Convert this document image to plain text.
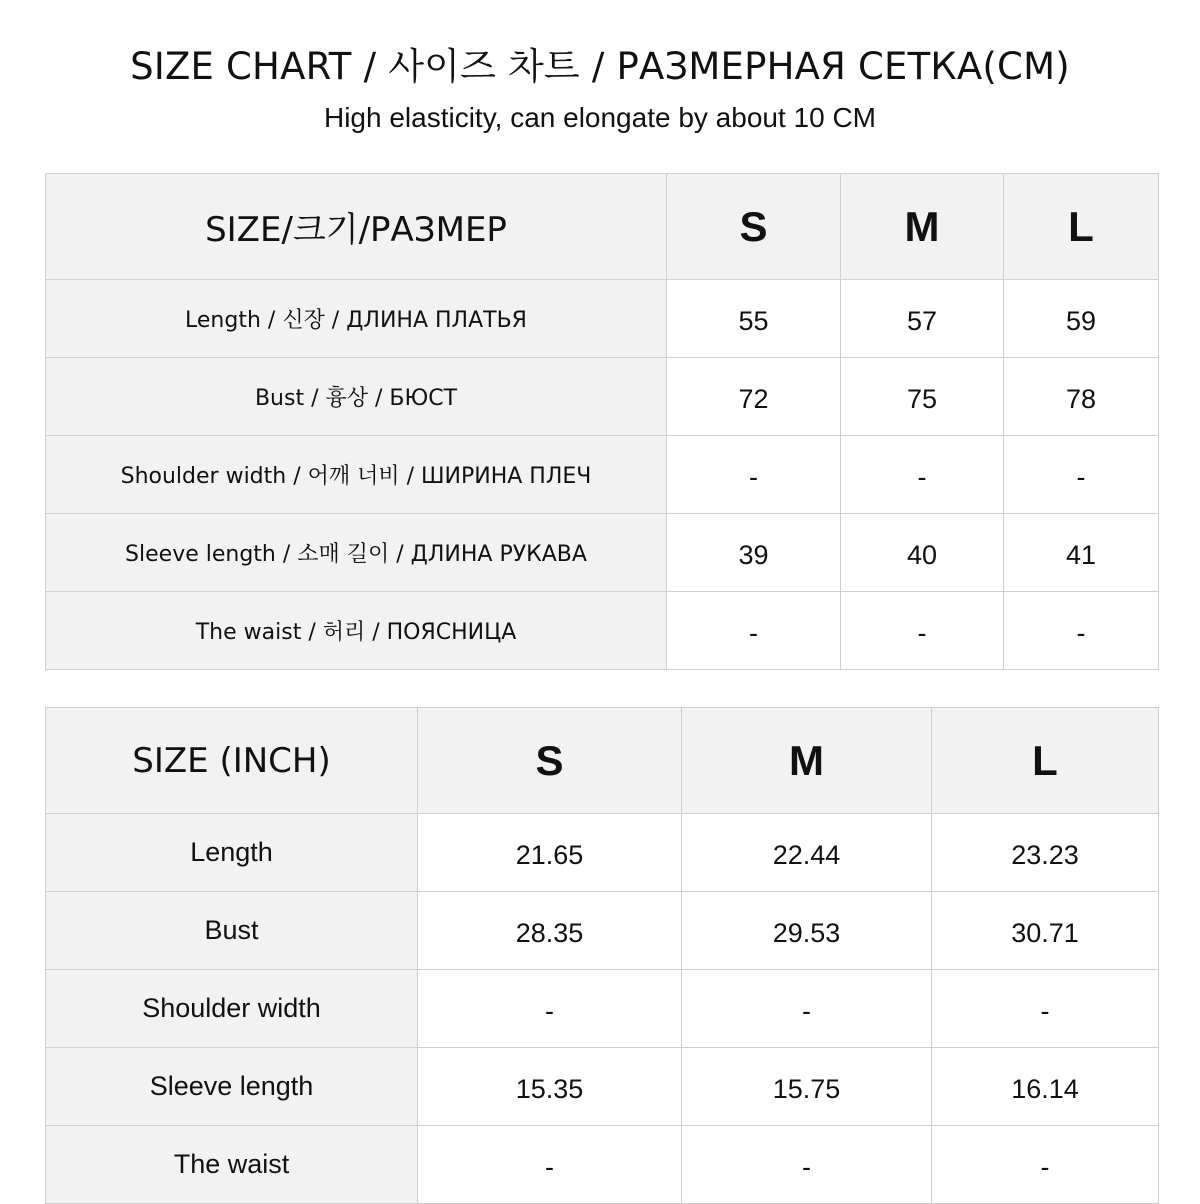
SIZE CHART / 사이즈 차트 / РАЗМЕРНАЯ СЕТКА(CM)
High elasticity, can elongate by about 10 CM
SIZE/크기/РАЗМЕР	S	M	L
Length / 신장 / ДЛИНА ПЛАТЬЯ	55	57	59
Bust / 흉상 / БЮСТ	72	75	78
Shoulder width / 어깨 너비 / ШИРИНА ПЛЕЧ	-	-	-
Sleeve length / 소매 길이 / ДЛИНА РУКАВА	39	40	41
The waist / 허리 / ПОЯСНИЦА	-	-	-
SIZE (INCH)	S	M	L
Length	21.65	22.44	23.23
Bust	28.35	29.53	30.71
Shoulder width	-	-	-
Sleeve length	15.35	15.75	16.14
The waist	-	-	-
